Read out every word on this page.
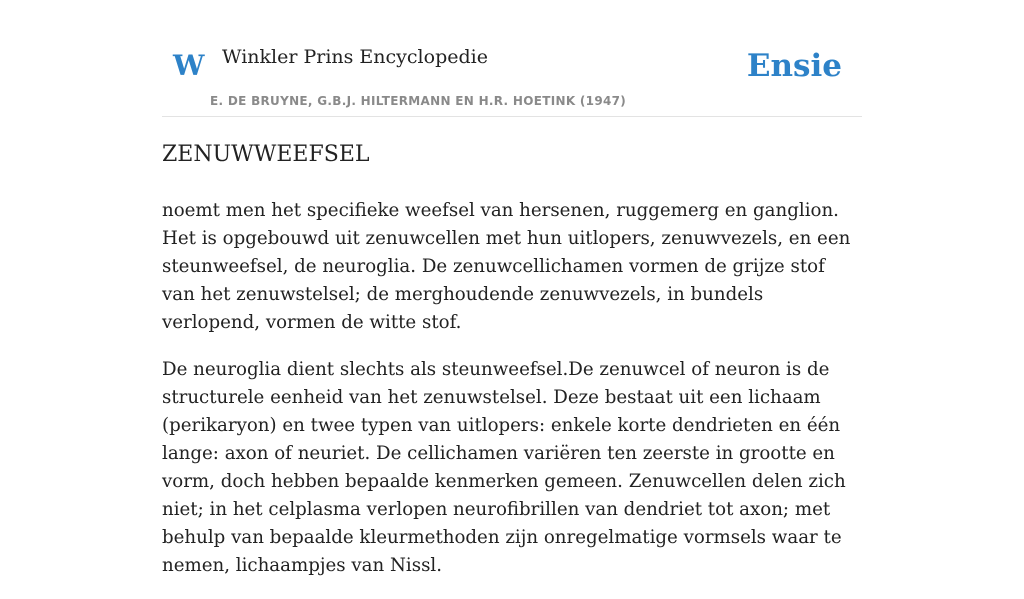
W Winkler Prins Encyclopedie
E. DE BRUYNE, G.B.J. HILTERMANN EN H.R. HOETINK (1947)
Ensie
ZENUWWEEFSEL

noemt men het specifieke weefsel van hersenen, ruggemerg en ganglion. Het is opgebouwd uit zenuwcellen met hun uitlopers, zenuwvezels, en een steunweefsel, de neuroglia. De zenuwcellichamen vormen de grijze stof van het zenuwstelsel; de merghoudende zenuwvezels, in bundels verlopend, vormen de witte stof.

De neuroglia dient slechts als steunweefsel.De zenuwcel of neuron is de structurele eenheid van het zenuwstelsel. Deze bestaat uit een lichaam (perikaryon) en twee typen van uitlopers: enkele korte dendrieten en één lange: axon of neuriet. De cellichamen variëren ten zeerste in grootte en vorm, doch hebben bepaalde kenmerken gemeen. Zenuwcellen delen zich niet; in het celplasma verlopen neurofibrillen van dendriet tot axon; met behulp van bepaalde kleurmethoden zijn onregelmatige vormsels waar te nemen, lichaampjes van Nissl.
